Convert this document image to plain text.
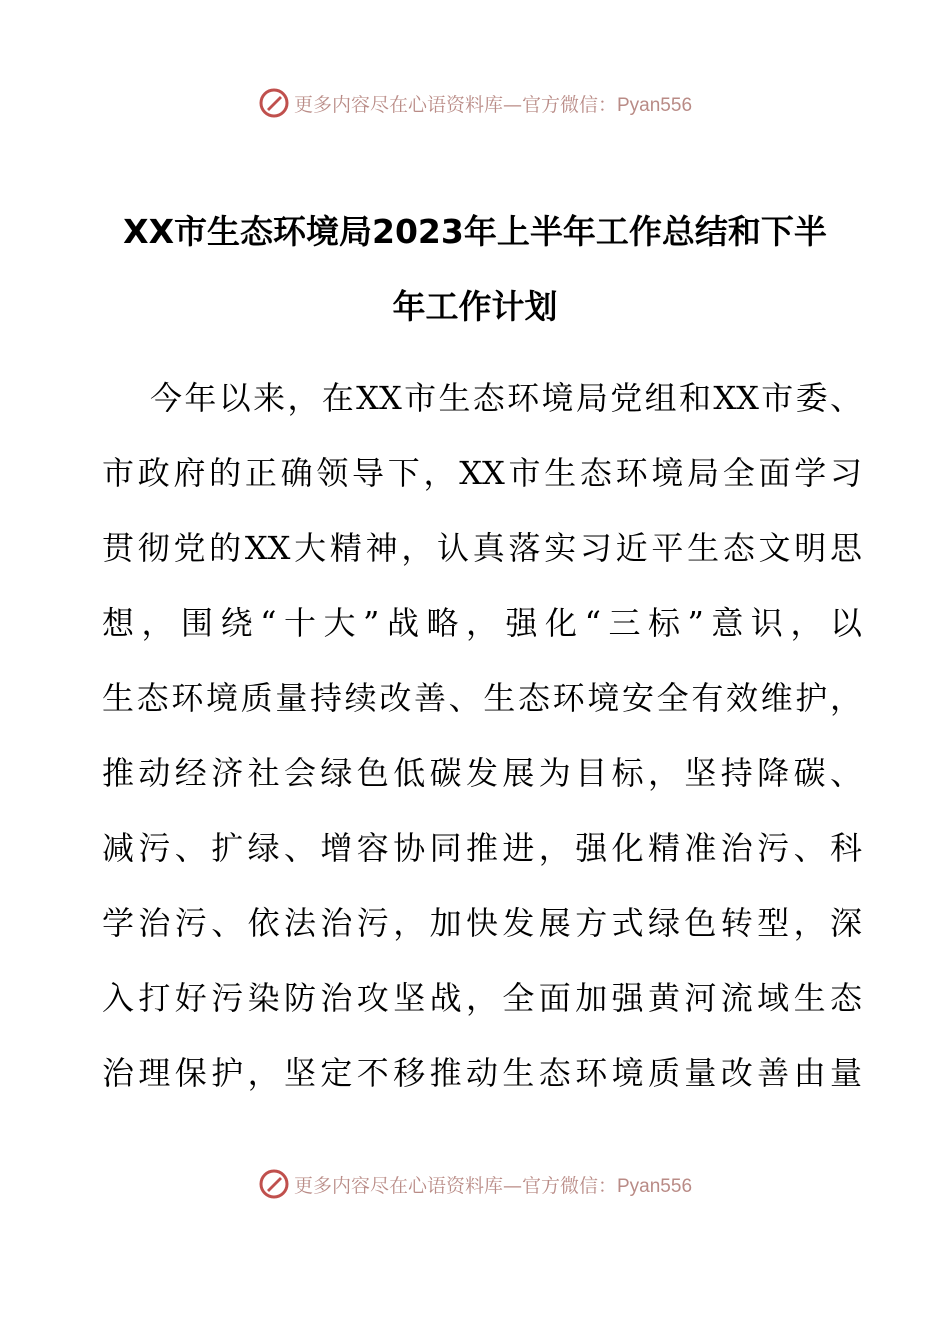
更多内容尽在心语资料库—官方微信：Pyan556
XX市生态环境局2023年上半年工作总结和下半
年工作计划
今年以来，在XX市生态环境局党组和XX市委、
市政府的正确领导下，XX市生态环境局全面学习
贯彻党的XX大精神，认真落实习近平生态文明思
想，围绕“十大”战略，强化“三标”意识，以
生态环境质量持续改善、生态环境安全有效维护，
推动经济社会绿色低碳发展为目标，坚持降碳、
减污、扩绿、增容协同推进，强化精准治污、科
学治污、依法治污，加快发展方式绿色转型，深
入打好污染防治攻坚战，全面加强黄河流域生态
治理保护，坚定不移推动生态环境质量改善由量
更多内容尽在心语资料库—官方微信：Pyan556
